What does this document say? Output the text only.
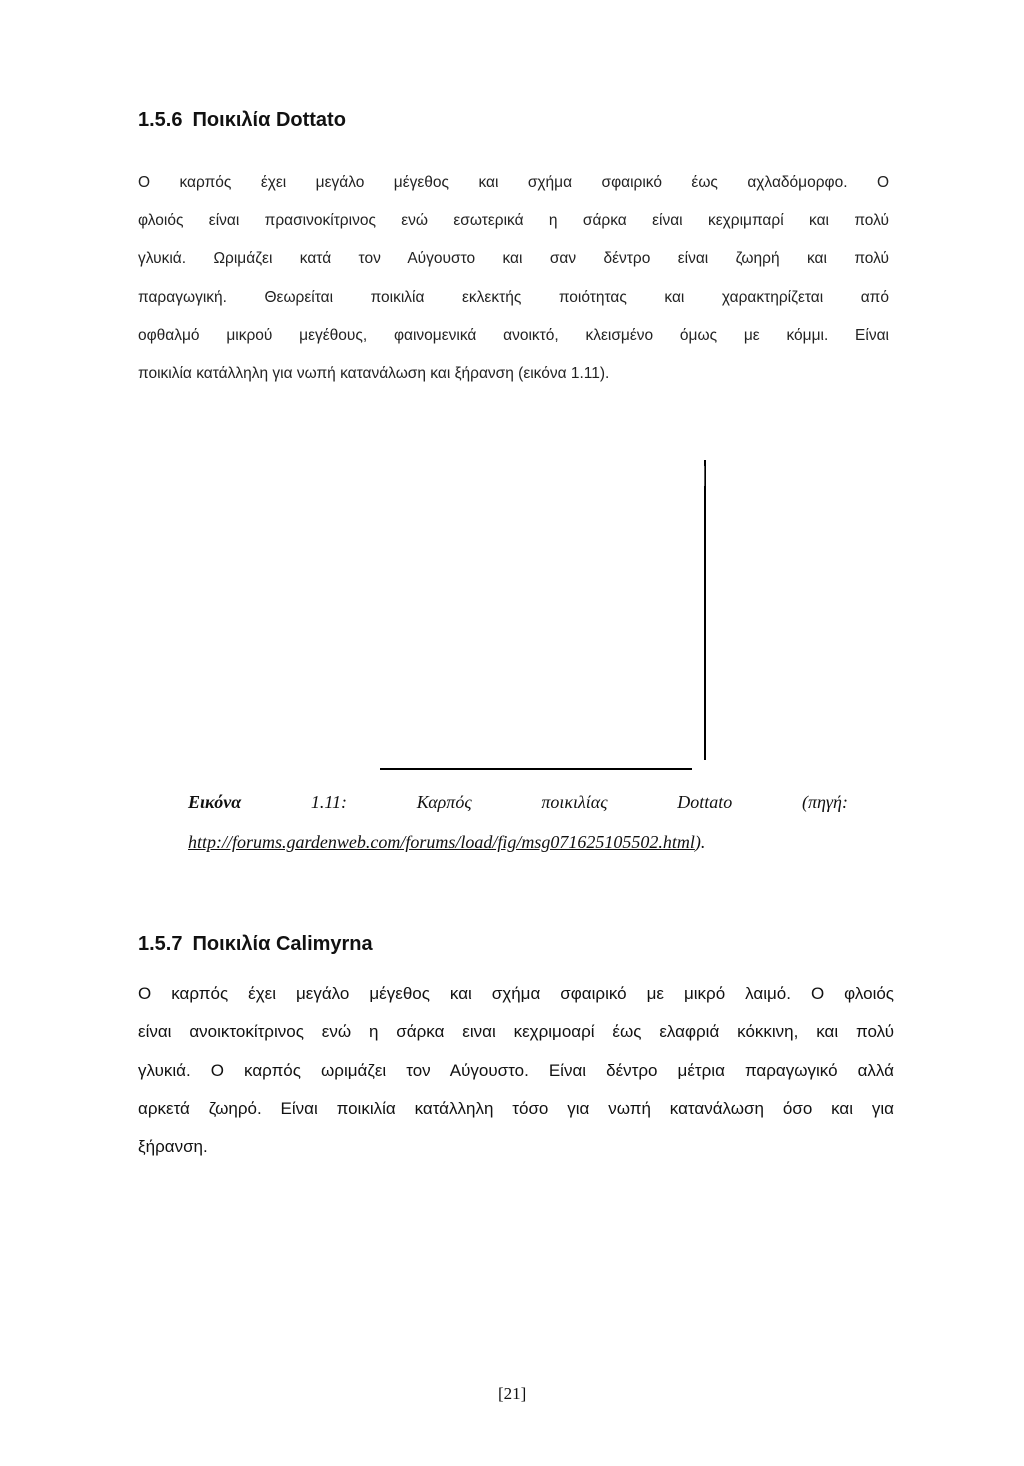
1.5.6 Ποικιλία Dottato
Ο καρπός έχει μεγάλο μέγεθος και σχήμα σφαιρικό έως αχλαδόμορφο. Ο
φλοιός είναι πρασινοκίτρινος ενώ εσωτερικά η σάρκα είναι κεχριμπαρί και πολύ
γλυκιά. Ωριμάζει κατά τον Αύγουστο και σαν δέντρο είναι ζωηρή και πολύ
παραγωγική. Θεωρείται ποικιλία εκλεκτής ποιότητας και χαρακτηρίζεται από
οφθαλμό μικρού μεγέθους, φαινομενικά ανοικτό, κλεισμένο όμως με κόμμι. Είναι
ποικιλία κατάλληλη για νωπή κατανάλωση και ξήρανση (εικόνα 1.11).
Εικόνα	1.11:	Καρπός	ποικιλίας	Dottato	(πηγή:
http://forums.gardenweb.com/forums/load/fig/msg071625105502.html).
1.5.7 Ποικιλία Calimyrna
Ο καρπός έχει μεγάλο μέγεθος και σχήμα σφαιρικό με μικρό λαιμό. Ο φλοιός
είναι ανοικτοκίτρινος ενώ η σάρκα ειναι κεχριμοαρί έως ελαφριά κόκκινη, και πολύ
γλυκιά. Ο καρπός ωριμάζει τον Αύγουστο. Είναι δέντρο μέτρια παραγωγικό αλλά
αρκετά ζωηρό. Είναι ποικιλία κατάλληλη τόσο για νωπή κατανάλωση όσο και για
ξήρανση.
[21]
